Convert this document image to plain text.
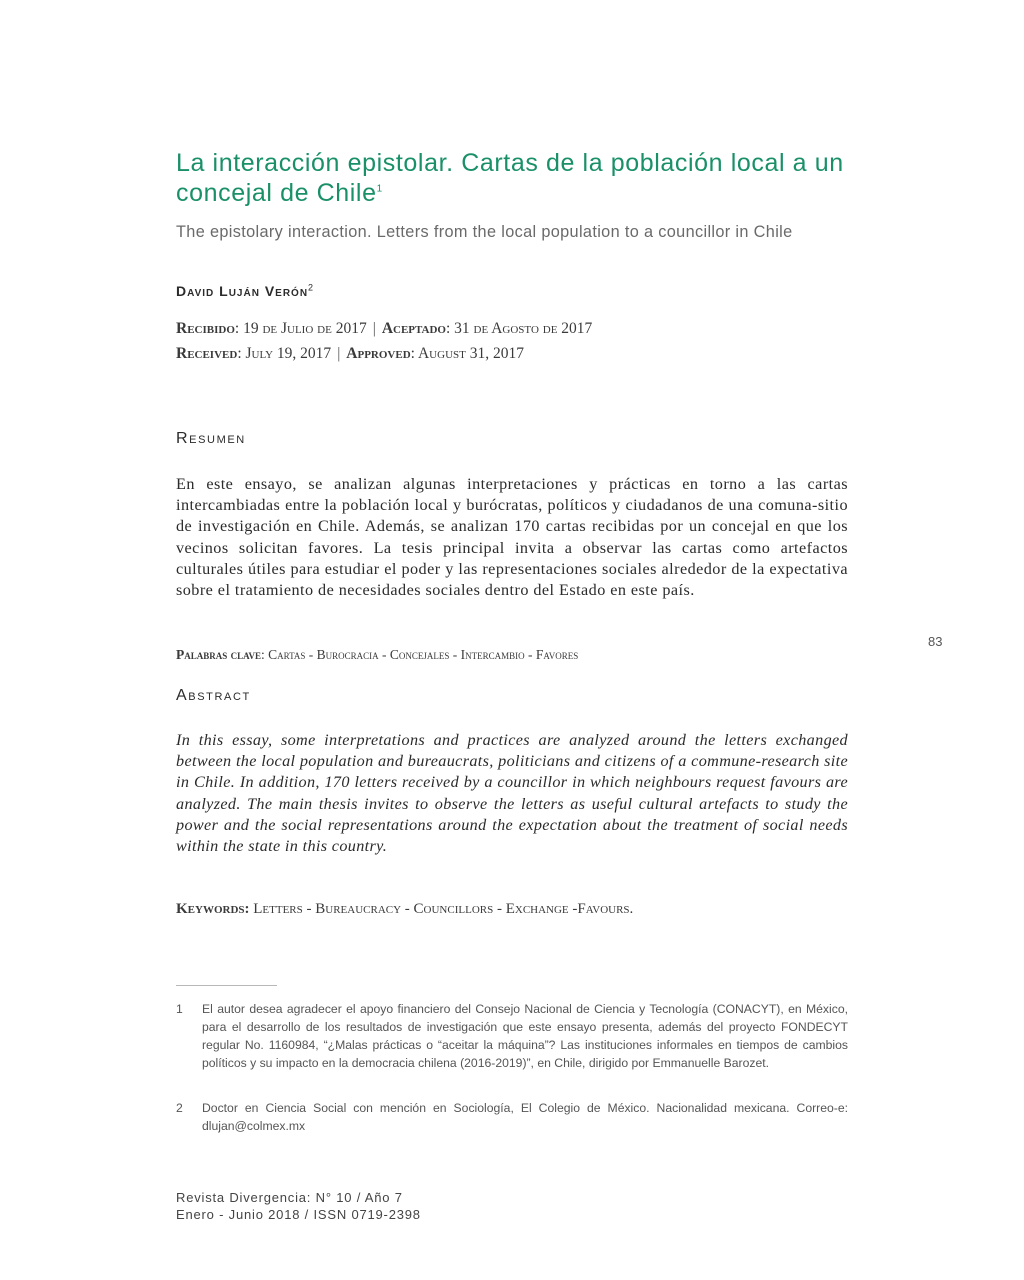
La interacción epistolar. Cartas de la población local a un concejal de Chile$^1$
The epistolary interaction. Letters from the local population to a councillor in Chile
David Luján Verón$^2$
Recibido: 19 de Julio de 2017 | Aceptado: 31 de Agosto de 2017
Received: July 19, 2017 | Approved: August 31, 2017
Resumen

En este ensayo, se analizan algunas interpretaciones y prácticas en torno a las cartas intercambiadas entre la población local y burócratas, políticos y ciudadanos de una comuna-sitio de investigación en Chile. Además, se analizan 170 cartas recibidas por un concejal en que los vecinos solicitan favores. La tesis principal invita a observar las cartas como artefactos culturales útiles para estudiar el poder y las representaciones sociales alrededor de la expectativa sobre el tratamiento de necesidades sociales dentro del Estado en este país.

Palabras clave: Cartas - Burocracia - Concejales - Intercambio - Favores
83
Abstract

In this essay, some interpretations and practices are analyzed around the letters exchanged between the local population and bureaucrats, politicians and citizens of a commune-research site in Chile. In addition, 170 letters received by a councillor in which neighbours request favours are analyzed. The main thesis invites to observe the letters as useful cultural artefacts to study the power and the social representations around the expectation about the treatment of social needs within the state in this country.

Keywords: Letters - Bureaucracy - Councillors - Exchange -Favours.
1 El autor desea agradecer el apoyo financiero del Consejo Nacional de Ciencia y Tecnología (CONACYT), en México, para el desarrollo de los resultados de investigación que este ensayo presenta, además del proyecto FONDECYT regular No. 1160984, “¿Malas prácticas o “aceitar la máquina”? Las instituciones informales en tiempos de cambios políticos y su impacto en la democracia chilena (2016-2019)”, en Chile, dirigido por Emmanuelle Barozet.
2 Doctor en Ciencia Social con mención en Sociología, El Colegio de México. Nacionalidad mexicana. Correo-e: dlujan@colmex.mx
Revista Divergencia: N° 10 / Año 7
Enero - Junio 2018 / ISSN 0719-2398
